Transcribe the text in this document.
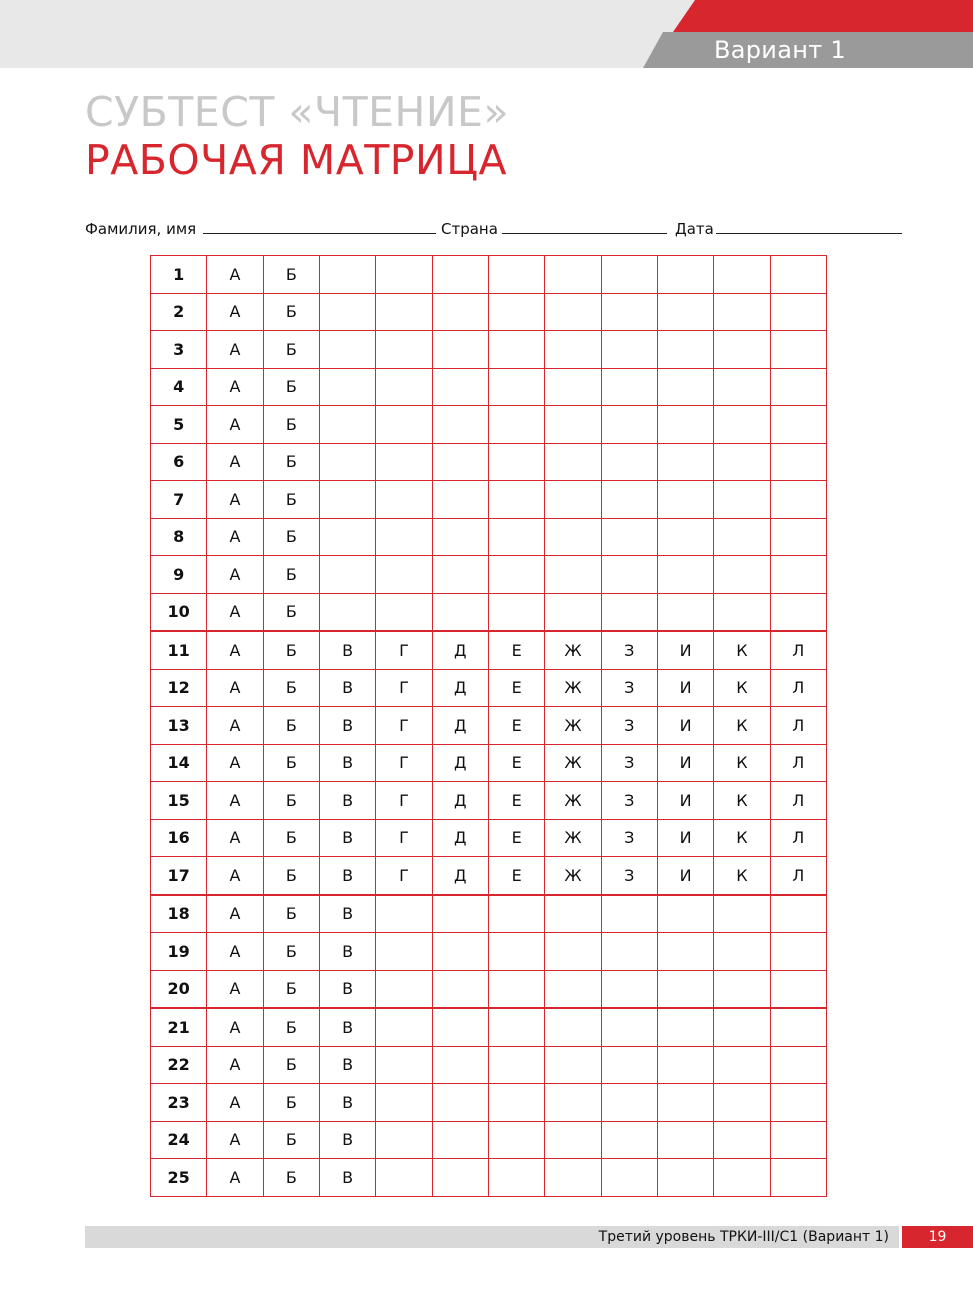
Вариант 1
СУБТЕСТ «ЧТЕНИЕ»
РАБОЧАЯ МАТРИЦА
Фамилия, имя	Страна	Дата
1	А	Б									
2	А	Б									
3	А	Б									
4	А	Б									
5	А	Б									
6	А	Б									
7	А	Б									
8	А	Б									
9	А	Б									
10	А	Б									
11	А	Б	В	Г	Д	Е	Ж	З	И	К	Л
12	А	Б	В	Г	Д	Е	Ж	З	И	К	Л
13	А	Б	В	Г	Д	Е	Ж	З	И	К	Л
14	А	Б	В	Г	Д	Е	Ж	З	И	К	Л
15	А	Б	В	Г	Д	Е	Ж	З	И	К	Л
16	А	Б	В	Г	Д	Е	Ж	З	И	К	Л
17	А	Б	В	Г	Д	Е	Ж	З	И	К	Л
18	А	Б	В								
19	А	Б	В								
20	А	Б	В								
21	А	Б	В								
22	А	Б	В								
23	А	Б	В								
24	А	Б	В								
25	А	Б	В								
Третий уровень ТРКИ-III/C1 (Вариант 1)	19
